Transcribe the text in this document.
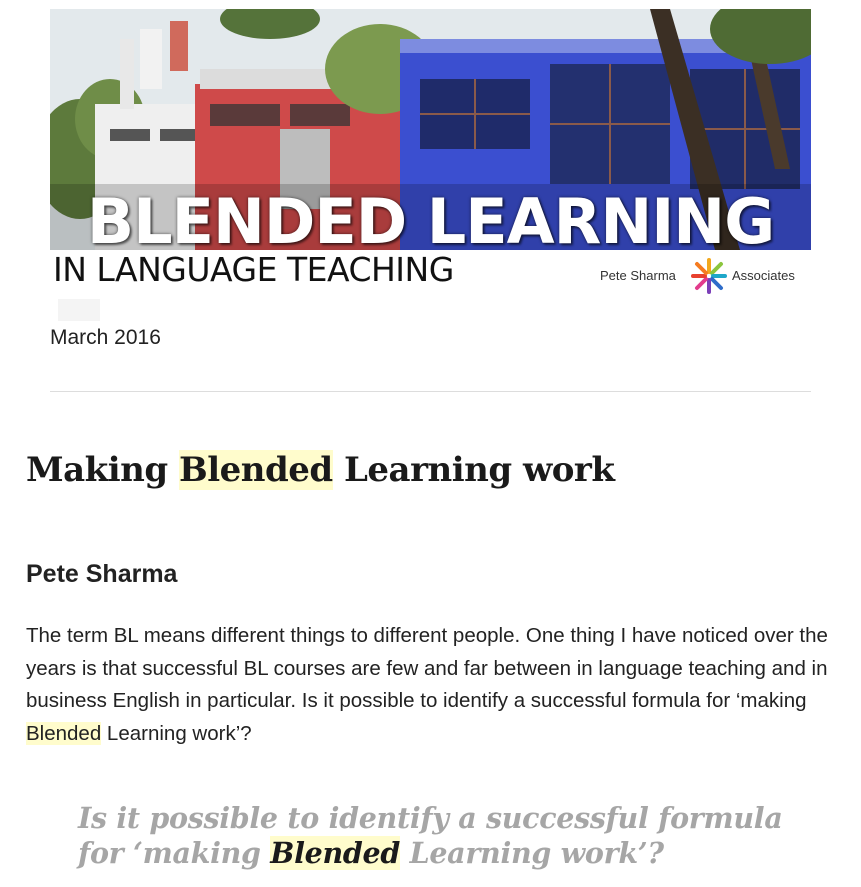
BLENDED LEARNING
IN LANGUAGE TEACHING	Pete Sharma	Associates
March 2016
Making Blended Learning work
Pete Sharma

The term BL means different things to different people. One thing I have noticed over the years is that successful BL courses are few and far between in language teaching and in business English in particular. Is it possible to identify a successful formula for ‘making Blended Learning work’?

Is it possible to identify a successful formula for ‘making Blended Learning work’?
